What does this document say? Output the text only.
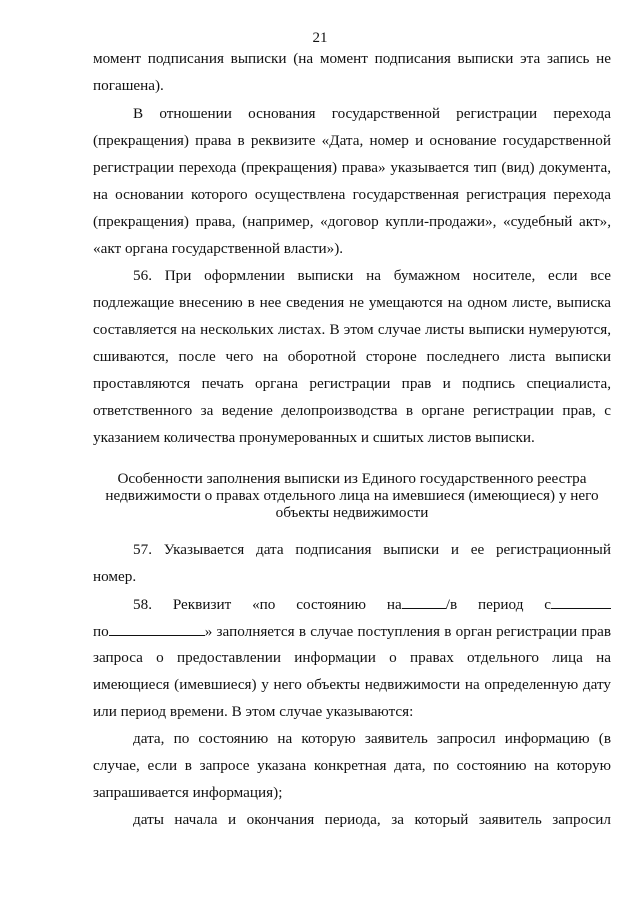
21
момент подписания выписки (на момент подписания выписки эта запись не
погашена).
В отношении основания государственной регистрации перехода
(прекращения) права в реквизите «Дата, номер и основание государственной
регистрации перехода (прекращения) права» указывается тип (вид) документа,
на основании которого осуществлена государственная регистрация перехода
(прекращения) права, (например, «договор купли-продажи», «судебный акт»,
«акт органа государственной власти»).
56. При оформлении выписки на бумажном носителе, если все
подлежащие внесению в нее сведения не умещаются на одном листе, выписка
составляется на нескольких листах. В этом случае листы выписки нумеруются,
сшиваются, после чего на оборотной стороне последнего листа выписки
проставляются печать органа регистрации прав и подпись специалиста,
ответственного за ведение делопроизводства в органе регистрации прав, с
указанием количества пронумерованных и сшитых листов выписки.
Особенности заполнения выписки из Единого государственного реестра
недвижимости о правах отдельного лица на имевшиеся (имеющиеся) у него
объекты недвижимости
57. Указывается дата подписания выписки и ее регистрационный
номер.
58. Реквизит «по состоянию на	/в период с
по	» заполняется в случае поступления в орган регистрации прав
запроса о предоставлении информации о правах отдельного лица на
имеющиеся (имевшиеся) у него объекты недвижимости на определенную дату
или период времени. В этом случае указываются:
дата, по состоянию на которую заявитель запросил информацию (в
случае, если в запросе указана конкретная дата, по состоянию на которую
запрашивается информация);
даты начала и окончания периода, за который заявитель запросил
